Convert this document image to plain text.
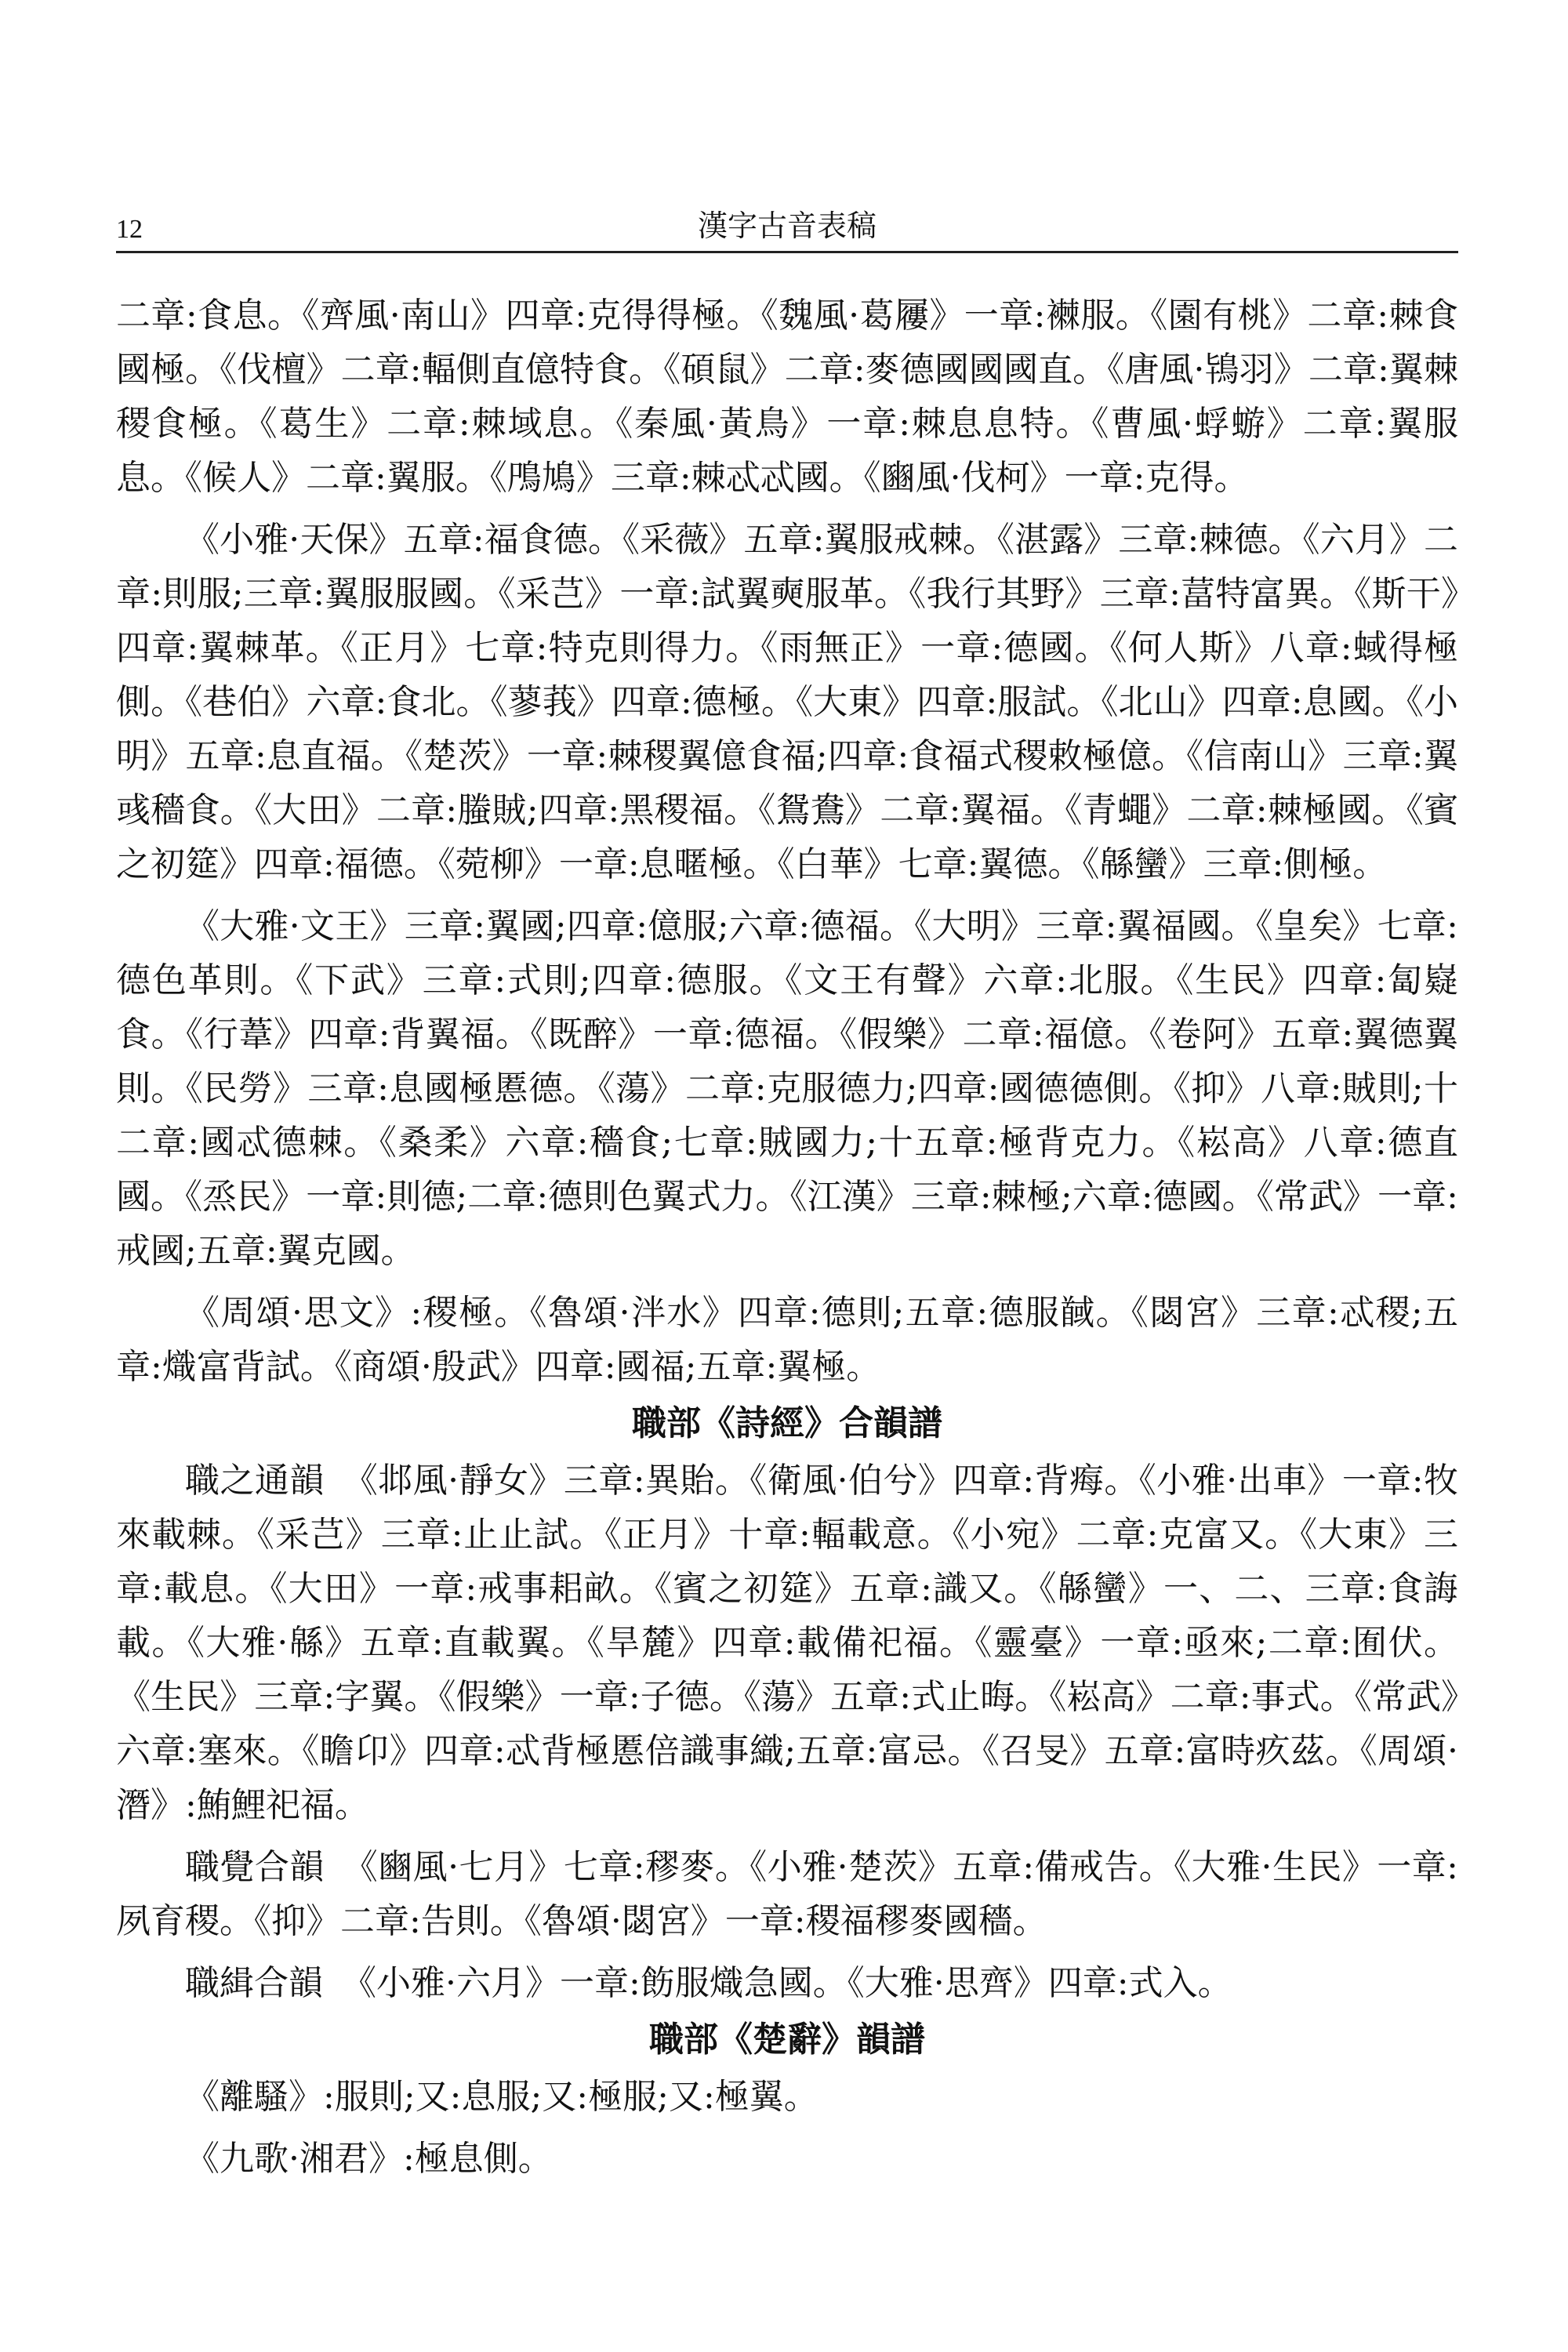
12	漢字古音表稿

二章:食息。《齊風·南山》四章:克得得極。《魏風·葛屨》一章:襋服。《園有桃》二章:棘食國極。《伐檀》二章:輻側直億特食。《碩鼠》二章:麥德國國國直。《唐風·鴇羽》二章:翼棘稷食極。《葛生》二章:棘域息。《秦風·黃鳥》一章:棘息息特。《曹風·蜉蝣》二章:翼服息。《候人》二章:翼服。《鳲鳩》三章:棘忒忒國。《豳風·伐柯》一章:克得。

《小雅·天保》五章:福食德。《采薇》五章:翼服戒棘。《湛露》三章:棘德。《六月》二章:則服;三章:翼服服國。《采芑》一章:試翼奭服革。《我行其野》三章:葍特富異。《斯干》四章:翼棘革。《正月》七章:特克則得力。《雨無正》一章:德國。《何人斯》八章:蜮得極側。《巷伯》六章:食北。《蓼莪》四章:德極。《大東》四章:服試。《北山》四章:息國。《小明》五章:息直福。《楚茨》一章:棘稷翼億食福;四章:食福式稷敕極億。《信南山》三章:翼彧穡食。《大田》二章:螣賊;四章:黑稷福。《鴛鴦》二章:翼福。《青蠅》二章:棘極國。《賓之初筵》四章:福德。《菀柳》一章:息暱極。《白華》七章:翼德。《緜蠻》三章:側極。

《大雅·文王》三章:翼國;四章:億服;六章:德福。《大明》三章:翼福國。《皇矣》七章:德色革則。《下武》三章:式則;四章:德服。《文王有聲》六章:北服。《生民》四章:匐嶷食。《行葦》四章:背翼福。《既醉》一章:德福。《假樂》二章:福億。《卷阿》五章:翼德翼則。《民勞》三章:息國極慝德。《蕩》二章:克服德力;四章:國德德側。《抑》八章:賊則;十二章:國忒德棘。《桑柔》六章:穡食;七章:賊國力;十五章:極背克力。《崧高》八章:德直國。《烝民》一章:則德;二章:德則色翼式力。《江漢》三章:棘極;六章:德國。《常武》一章:戒國;五章:翼克國。

《周頌·思文》:稷極。《魯頌·泮水》四章:德則;五章:德服馘。《閟宮》三章:忒稷;五章:熾富背試。《商頌·殷武》四章:國福;五章:翼極。

職部《詩經》合韻譜

職之通韻 《邶風·靜女》三章:異貽。《衛風·伯兮》四章:背痗。《小雅·出車》一章:牧來載棘。《采芑》三章:止止試。《正月》十章:輻載意。《小宛》二章:克富又。《大東》三章:載息。《大田》一章:戒事耜畝。《賓之初筵》五章:識又。《緜蠻》一、二、三章:食誨載。《大雅·緜》五章:直載翼。《旱麓》四章:載備祀福。《靈臺》一章:亟來;二章:囿伏。《生民》三章:字翼。《假樂》一章:子德。《蕩》五章:式止晦。《崧高》二章:事式。《常武》六章:塞來。《瞻卬》四章:忒背極慝倍識事織;五章:富忌。《召旻》五章:富時疚茲。《周頌·潛》:鮪鯉祀福。

職覺合韻 《豳風·七月》七章:穋麥。《小雅·楚茨》五章:備戒告。《大雅·生民》一章:夙育稷。《抑》二章:告則。《魯頌·閟宮》一章:稷福穋麥國穡。

職緝合韻 《小雅·六月》一章:飭服熾急國。《大雅·思齊》四章:式入。

職部《楚辭》韻譜

《離騷》:服則;又:息服;又:極服;又:極翼。

《九歌·湘君》:極息側。
